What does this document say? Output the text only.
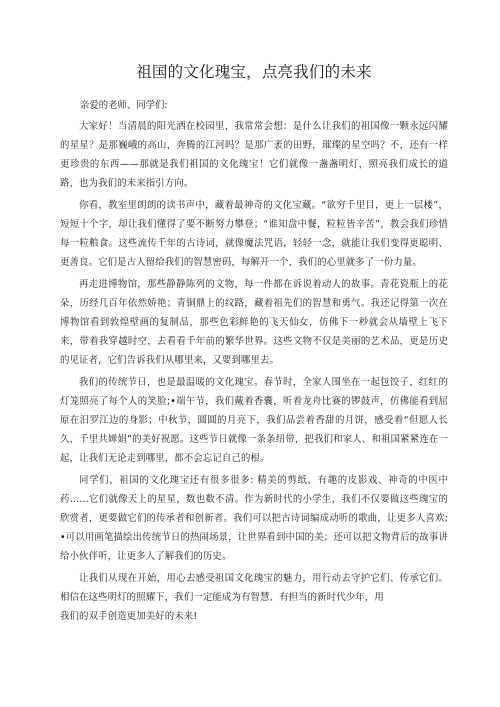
祖国的文化瑰宝，点亮我们的未来

亲爱的老师、同学们:

大家好！当清晨的阳光洒在校园里，我常常会想：是什么让我们的祖国像一颗永远闪耀的星星？是那巍峨的高山，奔腾的江河吗？是那广袤的田野，璀璨的星空吗？不，还有一样更珍贵的东西——那就是我们祖国的文化瑰宝！它们就像一盏盏明灯，照亮我们成长的道路，也为我们的未来指引方向。

你看，教室里朗朗的读书声中，藏着最神奇的文化宝藏。“欲穷千里目，更上一层楼”，短短十个字，却让我们懂得了要不断努力攀登；“谁知盘中餐，粒粒皆辛苦”，教会我们珍惜每一粒粮食。这些流传千年的古诗词，就像魔法咒语，轻轻一念，就能让我们变得更聪明、更善良。它们是古人留给我们的智慧密码，每解开一个，我们的心里就多了一份力量。

再走进博物馆，那些静静陈列的文物，每一件都在诉说着动人的故事。青花瓷瓶上的花朵，历经几百年依然娇艳；青铜鼎上的纹路，藏着祖先们的智慧和勇气。我还记得第一次在博物馆看到敦煌壁画的复制品，那些色彩鲜艳的飞天仙女，仿佛下一秒就会从墙壁上飞下来，带着我穿越时空，去看看千年前的繁华世界。这些文物不仅是美丽的艺术品，更是历史的见证者，它们告诉我们从哪里来，又要到哪里去。

我们的传统节日，也是最温暖的文化瑰宝。春节时，全家人围坐在一起包饺子，红红的灯笼照亮了每个人的笑脸;•端午节，我们戴着香囊，听着龙舟比赛的锣鼓声，仿佛能看到屈原在汨罗江边的身影；中秋节，圆圆的月亮下，我们品尝着香甜的月饼，感受着“但愿人长久，千里共婵娟”的美好祝愿。这些节日就像一条条纽带，把我们和家人、和祖国紧紧连在一起，让我们无论走到哪里，都不会忘记自己的根。

同学们，祖国的文化瑰宝还有很多很多: 精美的剪纸、有趣的皮影戏、神奇的中医中药……它们就像天上的星星，数也数不清。作为新时代的小学生，我们不仅要做这些瑰宝的欣赏者，更要做它们的传承者和创新者。我们可以把古诗词编成动听的歌曲，让更多人喜欢;•可以用画笔描绘出传统节日的热闹场景，让世界看到中国的美；还可以把文物背后的故事讲给小伙伴听，让更多人了解我们的历史。

让我们从现在开始，用心去感受祖国文化瑰宝的魅力，用行动去守护它们、传承它们。相信在这些明灯的照耀下，我们一定能成为有智慧、有担当的新时代少年，用

我们的双手创造更加美好的未来!
